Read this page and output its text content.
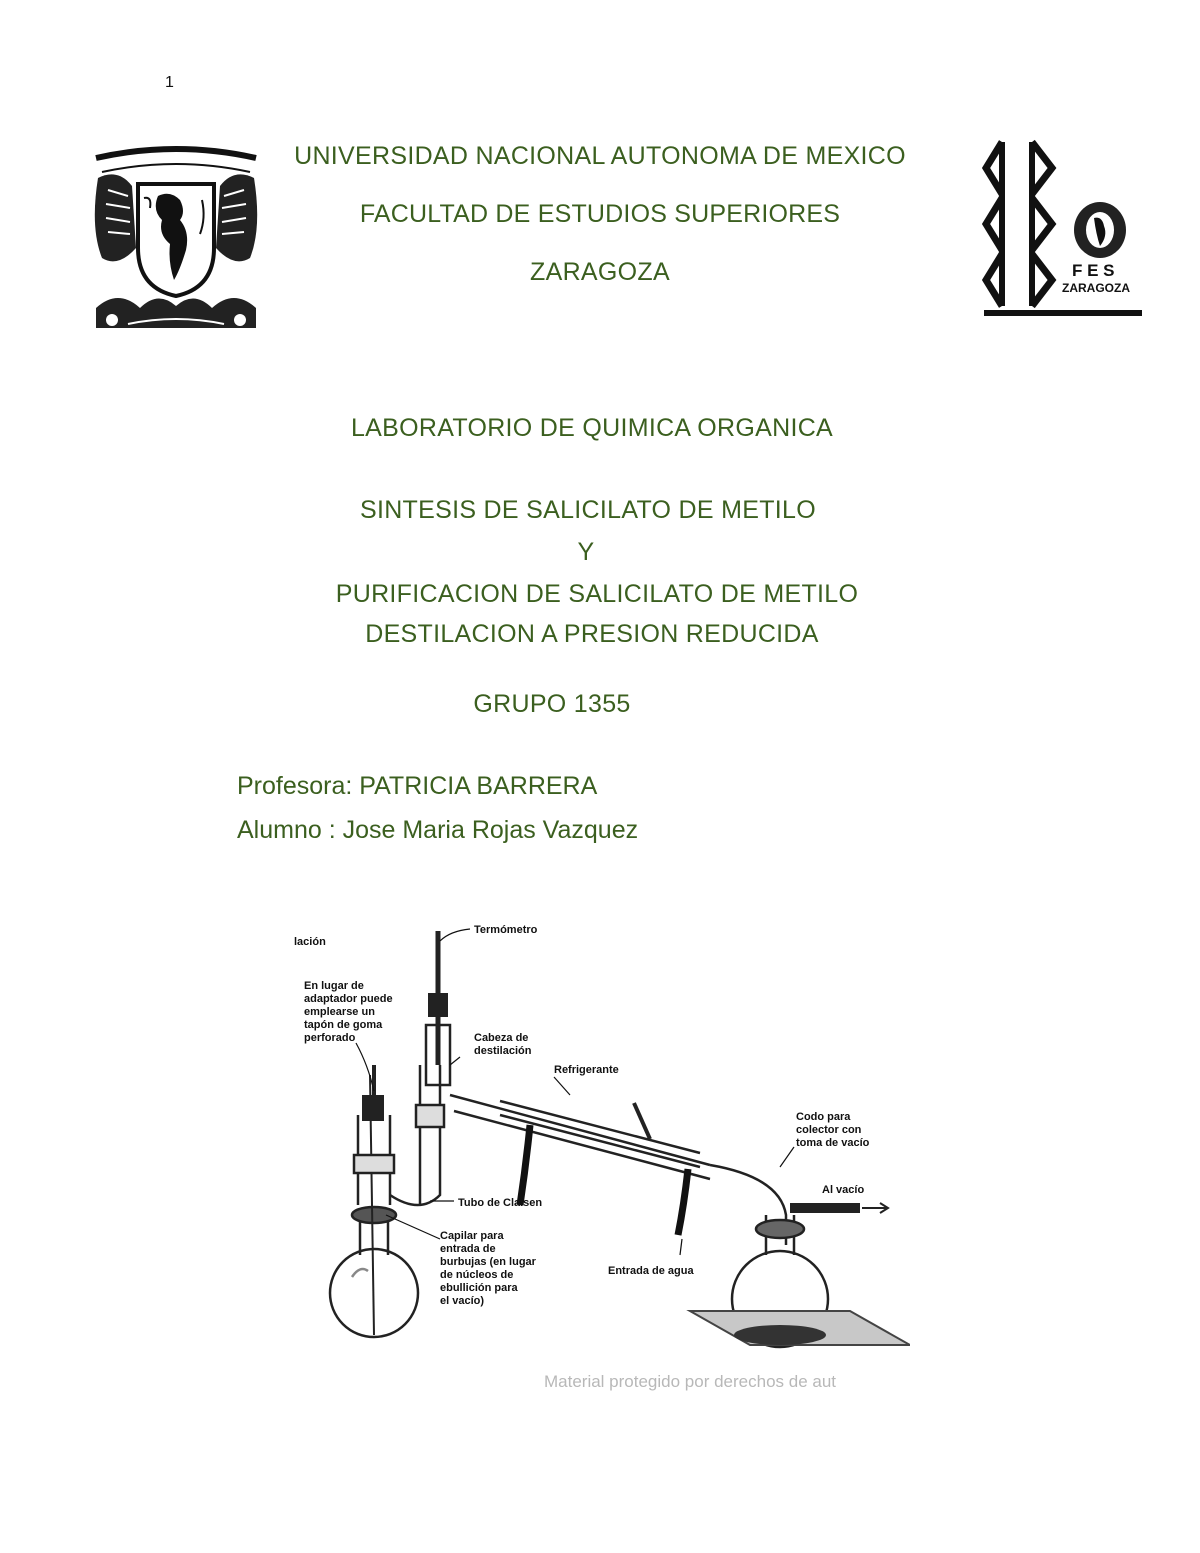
1
UNIVERSIDAD NACIONAL AUTONOMA DE MEXICO
FACULTAD DE ESTUDIOS SUPERIORES
ZARAGOZA	F E S
ZARAGOZA
LABORATORIO DE QUIMICA ORGANICA
SINTESIS DE SALICILATO DE METILO
Y
PURIFICACION DE SALICILATO DE METILO
DESTILACION A PRESION REDUCIDA
GRUPO 1355
Profesora: PATRICIA BARRERA
Alumno : Jose Maria Rojas Vazquez
lación
Termómetro
En lugar de
adaptador puede
emplearse un
tapón de goma
perforado	Cabeza de
destilación
Refrigerante
Codo para
colector con
toma de vacío
Al vacío
Tubo de Claisen
Capilar para
entrada de
burbujas (en lugar
de núcleos de
ebullición para
el vacío)
Entrada de agua
Material protegido por derechos de aut
